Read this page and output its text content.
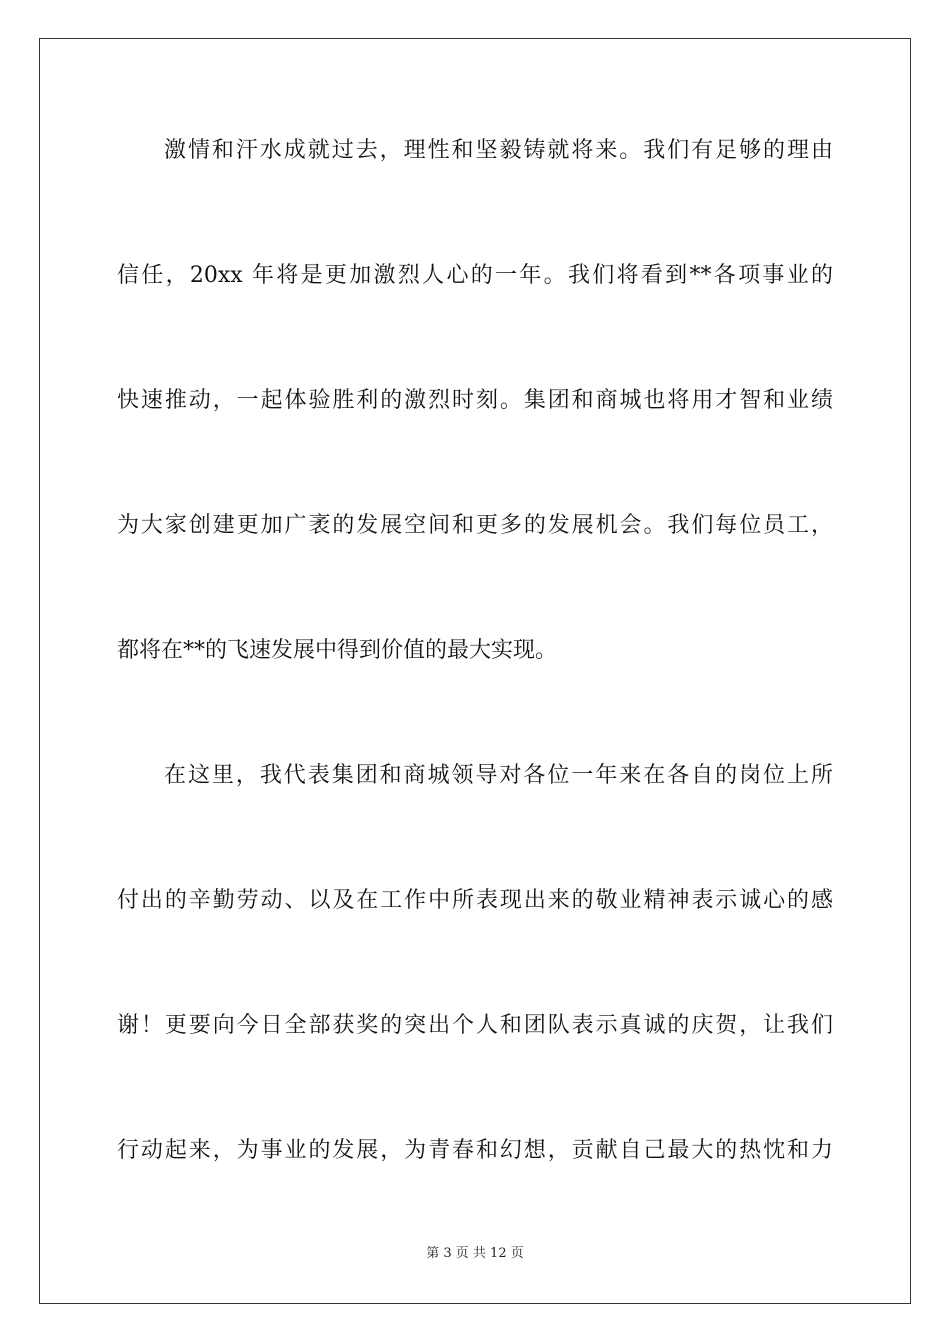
激情和汗水成就过去，理性和坚毅铸就将来。我们有足够的理由
信任，20xx 年将是更加激烈人心的一年。我们将看到**各项事业的
快速推动，一起体验胜利的激烈时刻。集团和商城也将用才智和业绩
为大家创建更加广袤的发展空间和更多的发展机会。我们每位员工，
都将在**的飞速发展中得到价值的最大实现。
在这里，我代表集团和商城领导对各位一年来在各自的岗位上所
付出的辛勤劳动、以及在工作中所表现出来的敬业精神表示诚心的感
谢！更要向今日全部获奖的突出个人和团队表示真诚的庆贺，让我们
行动起来，为事业的发展，为青春和幻想，贡献自己最大的热忱和力
第 3 页 共 12 页
